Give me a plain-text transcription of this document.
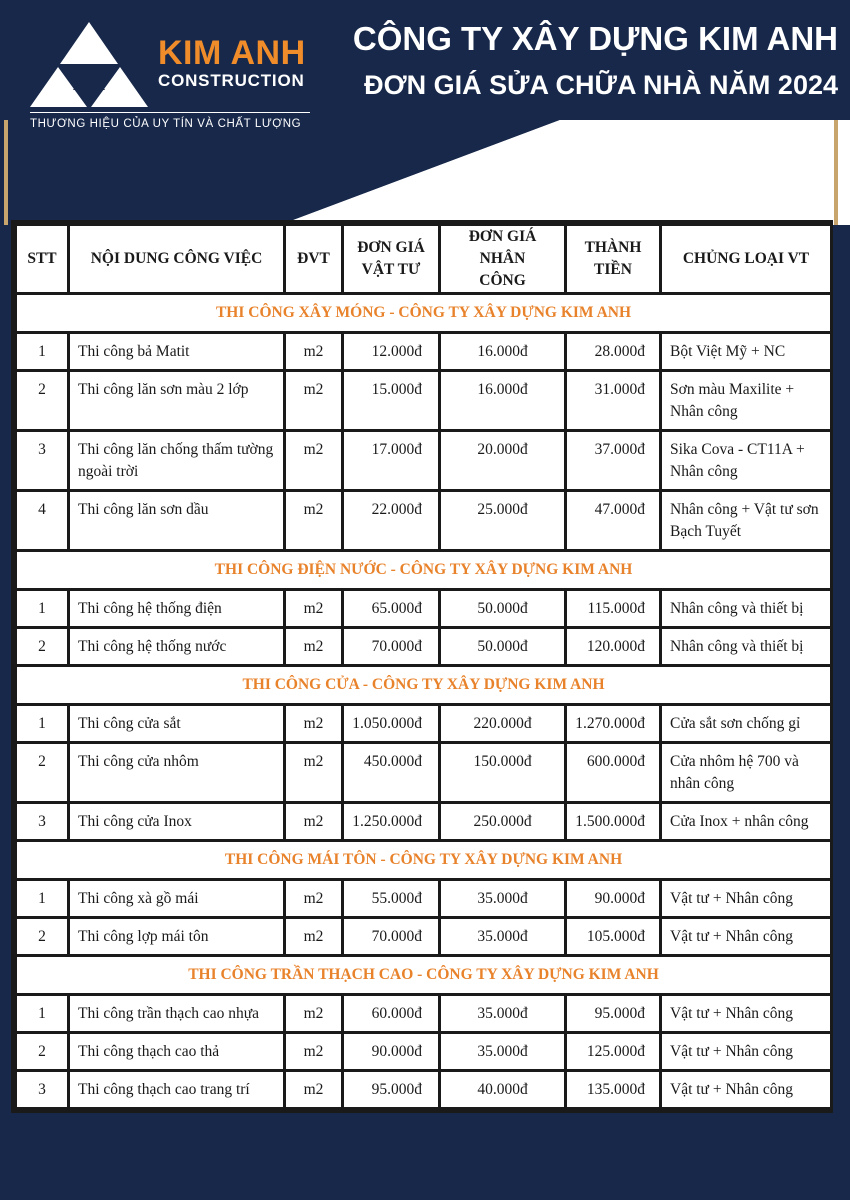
KIM ANH
CONSTRUCTION
THƯƠNG HIỆU CỦA UY TÍN VÀ CHẤT LƯỢNG
CÔNG TY XÂY DỰNG KIM ANH
ĐƠN GIÁ SỬA CHỮA NHÀ NĂM 2024
STT	NỘI DUNG CÔNG VIỆC	ĐVT	ĐƠN GIÁ VẬT TƯ	ĐƠN GIÁ NHÂN CÔNG	THÀNH TIỀN	CHỦNG LOẠI VT
THI CÔNG XÂY MÓNG - CÔNG TY XÂY DỰNG KIM ANH						
1	Thi công bả Matit	m2	12.000đ	16.000đ	28.000đ	Bột Việt Mỹ + NC
2	Thi công lăn sơn màu 2 lớp	m2	15.000đ	16.000đ	31.000đ	Sơn màu Maxilite + Nhân công
3	Thi công lăn chống thấm tường ngoài trời	m2	17.000đ	20.000đ	37.000đ	Sika Cova - CT11A + Nhân công
4	Thi công lăn sơn dầu	m2	22.000đ	25.000đ	47.000đ	Nhân công + Vật tư sơn Bạch Tuyết
THI CÔNG ĐIỆN NƯỚC - CÔNG TY XÂY DỰNG KIM ANH						
1	Thi công hệ thống điện	m2	65.000đ	50.000đ	115.000đ	Nhân công và thiết bị
2	Thi công hệ thống nước	m2	70.000đ	50.000đ	120.000đ	Nhân công và thiết bị
THI CÔNG CỬA - CÔNG TY XÂY DỰNG KIM ANH						
1	Thi công cửa sắt	m2	1.050.000đ	220.000đ	1.270.000đ	Cửa sắt sơn chống gỉ
2	Thi công cửa nhôm	m2	450.000đ	150.000đ	600.000đ	Cửa nhôm hệ 700 và nhân công
3	Thi công cửa Inox	m2	1.250.000đ	250.000đ	1.500.000đ	Cửa Inox + nhân công
THI CÔNG MÁI TÔN - CÔNG TY XÂY DỰNG KIM ANH						
1	Thi công xà gồ mái	m2	55.000đ	35.000đ	90.000đ	Vật tư + Nhân công
2	Thi công lợp mái tôn	m2	70.000đ	35.000đ	105.000đ	Vật tư + Nhân công
THI CÔNG TRẦN THẠCH CAO - CÔNG TY XÂY DỰNG KIM ANH						
1	Thi công trần thạch cao nhựa	m2	60.000đ	35.000đ	95.000đ	Vật tư + Nhân công
2	Thi công thạch cao thả	m2	90.000đ	35.000đ	125.000đ	Vật tư + Nhân công
3	Thi công thạch cao trang trí	m2	95.000đ	40.000đ	135.000đ	Vật tư + Nhân công
